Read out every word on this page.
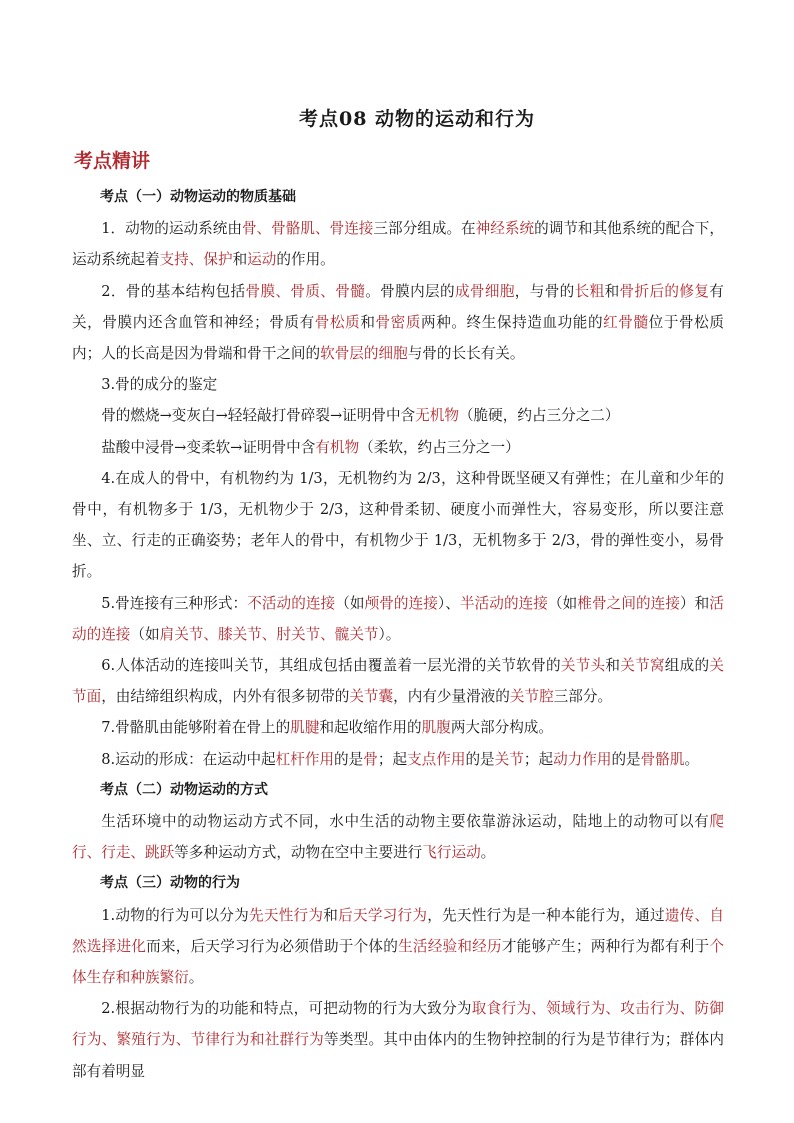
考点08 动物的运动和行为
考点精讲

考点（一）动物运动的物质基础

1．动物的运动系统由骨、骨骼肌、骨连接三部分组成。在神经系统的调节和其他系统的配合下，运动系统起着支持、保护和运动的作用。

2．骨的基本结构包括骨膜、骨质、骨髓。骨膜内层的成骨细胞，与骨的长粗和骨折后的修复有关，骨膜内还含血管和神经；骨质有骨松质和骨密质两种。终生保持造血功能的红骨髓位于骨松质内；人的长高是因为骨端和骨干之间的软骨层的细胞与骨的长长有关。

3.骨的成分的鉴定

骨的燃烧→变灰白→轻轻敲打骨碎裂→证明骨中含无机物（脆硬，约占三分之二）

盐酸中浸骨→变柔软→证明骨中含有机物（柔软，约占三分之一）

4.在成人的骨中，有机物约为 1/3，无机物约为 2/3，这种骨既坚硬又有弹性；在儿童和少年的骨中，有机物多于 1/3，无机物少于 2/3，这种骨柔韧、硬度小而弹性大，容易变形，所以要注意坐、立、行走的正确姿势；老年人的骨中，有机物少于 1/3，无机物多于 2/3，骨的弹性变小，易骨折。

5.骨连接有三种形式：不活动的连接（如颅骨的连接）、半活动的连接（如椎骨之间的连接）和活动的连接（如肩关节、膝关节、肘关节、髋关节）。

6.人体活动的连接叫关节，其组成包括由覆盖着一层光滑的关节软骨的关节头和关节窝组成的关节面，由结缔组织构成，内外有很多韧带的关节囊，内有少量滑液的关节腔三部分。

7.骨骼肌由能够附着在骨上的肌腱和起收缩作用的肌腹两大部分构成。

8.运动的形成：在运动中起杠杆作用的是骨；起支点作用的是关节；起动力作用的是骨骼肌。

考点（二）动物运动的方式

生活环境中的动物运动方式不同，水中生活的动物主要依靠游泳运动，陆地上的动物可以有爬行、行走、跳跃等多种运动方式，动物在空中主要进行飞行运动。

考点（三）动物的行为

1.动物的行为可以分为先天性行为和后天学习行为，先天性行为是一种本能行为，通过遗传、自然选择进化而来，后天学习行为必须借助于个体的生活经验和经历才能够产生；两种行为都有利于个体生存和种族繁衍。

2.根据动物行为的功能和特点，可把动物的行为大致分为取食行为、领域行为、攻击行为、防御行为、繁殖行为、节律行为和社群行为等类型。其中由体内的生物钟控制的行为是节律行为；群体内部有着明显
